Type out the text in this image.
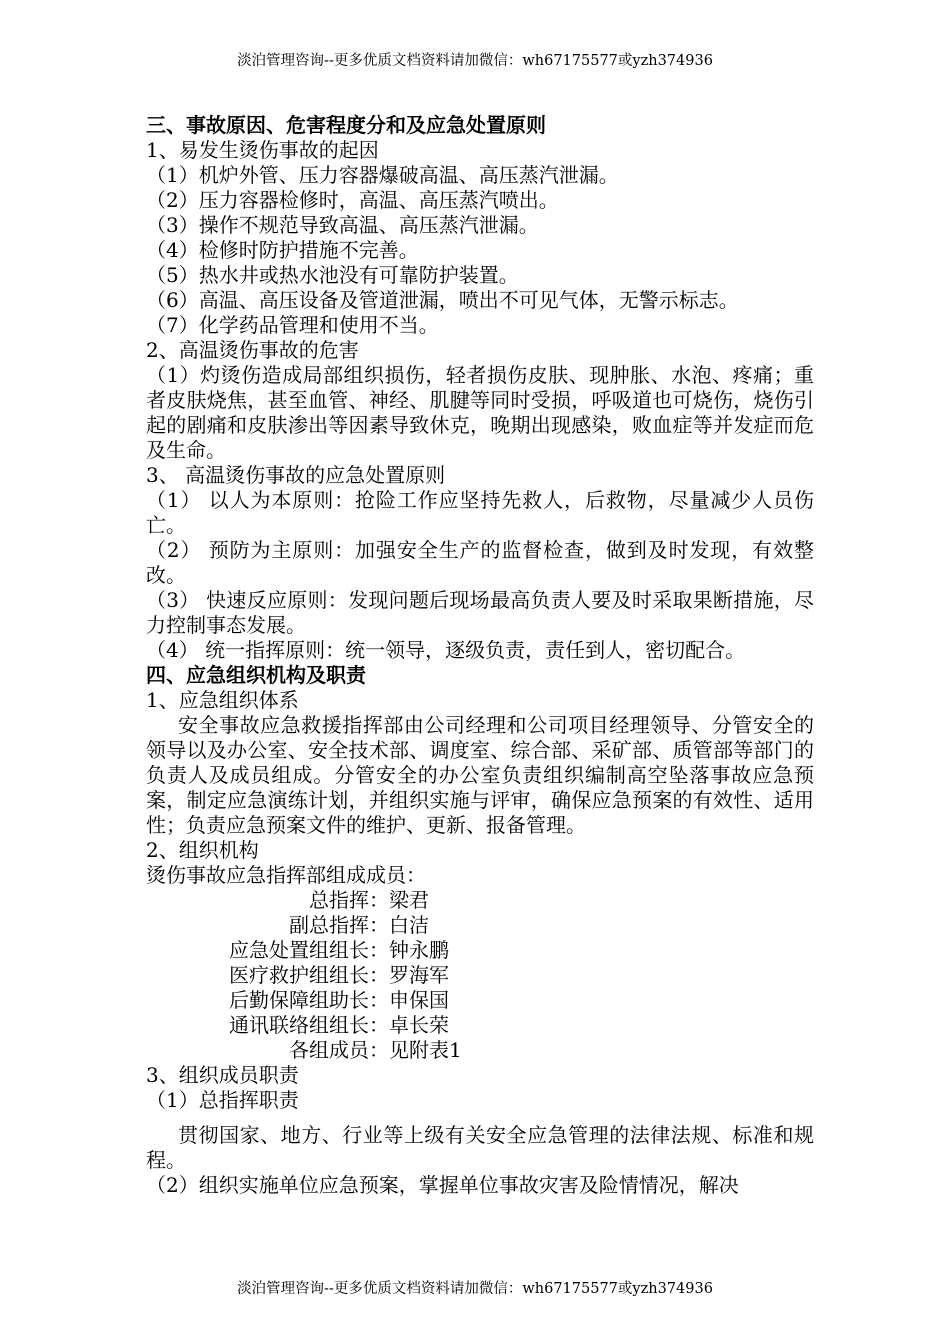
淡泊管理咨询--更多优质文档资料请加微信：wh67175577或yzh374936
三、事故原因、危害程度分和及应急处置原则
1、易发生烫伤事故的起因
（1）机炉外管、压力容器爆破高温、高压蒸汽泄漏。
（2）压力容器检修时，高温、高压蒸汽喷出。
（3）操作不规范导致高温、高压蒸汽泄漏。
（4）检修时防护措施不完善。
（5）热水井或热水池没有可靠防护装置。
（6）高温、高压设备及管道泄漏，喷出不可见气体，无警示标志。
（7）化学药品管理和使用不当。
2、高温烫伤事故的危害
（1）灼烫伤造成局部组织损伤，轻者损伤皮肤、现肿胀、水泡、疼痛；重者皮肤烧焦，甚至血管、神经、肌腱等同时受损，呼吸道也可烧伤，烧伤引起的剧痛和皮肤渗出等因素导致休克，晚期出现感染，败血症等并发症而危及生命。
3、 高温烫伤事故的应急处置原则
（1） 以人为本原则：抢险工作应坚持先救人，后救物，尽量减少人员伤亡。
（2） 预防为主原则：加强安全生产的监督检查，做到及时发现，有效整改。
（3） 快速反应原则：发现问题后现场最高负责人要及时采取果断措施，尽力控制事态发展。
（4） 统一指挥原则：统一领导，逐级负责，责任到人，密切配合。
四、应急组织机构及职责
1、应急组织体系
安全事故应急救援指挥部由公司经理和公司项目经理领导、分管安全的领导以及办公室、安全技术部、调度室、综合部、采矿部、质管部等部门的负责人及成员组成。分管安全的办公室负责组织编制高空坠落事故应急预案，制定应急演练计划，并组织实施与评审，确保应急预案的有效性、适用性；负责应急预案文件的维护、更新、报备管理。
2、组织机构
烫伤事故应急指挥部组成成员：
总指挥： 梁君
副总指挥： 白洁
应急处置组组长： 钟永鹏
医疗救护组组长： 罗海军
后勤保障组助长： 申保国
通讯联络组组长： 卓长荣
各组成员： 见附表1
3、组织成员职责
（1）总指挥职责
贯彻国家、地方、行业等上级有关安全应急管理的法律法规、标准和规程。
（2）组织实施单位应急预案，掌握单位事故灾害及险情情况，解决
淡泊管理咨询--更多优质文档资料请加微信：wh67175577或yzh374936
